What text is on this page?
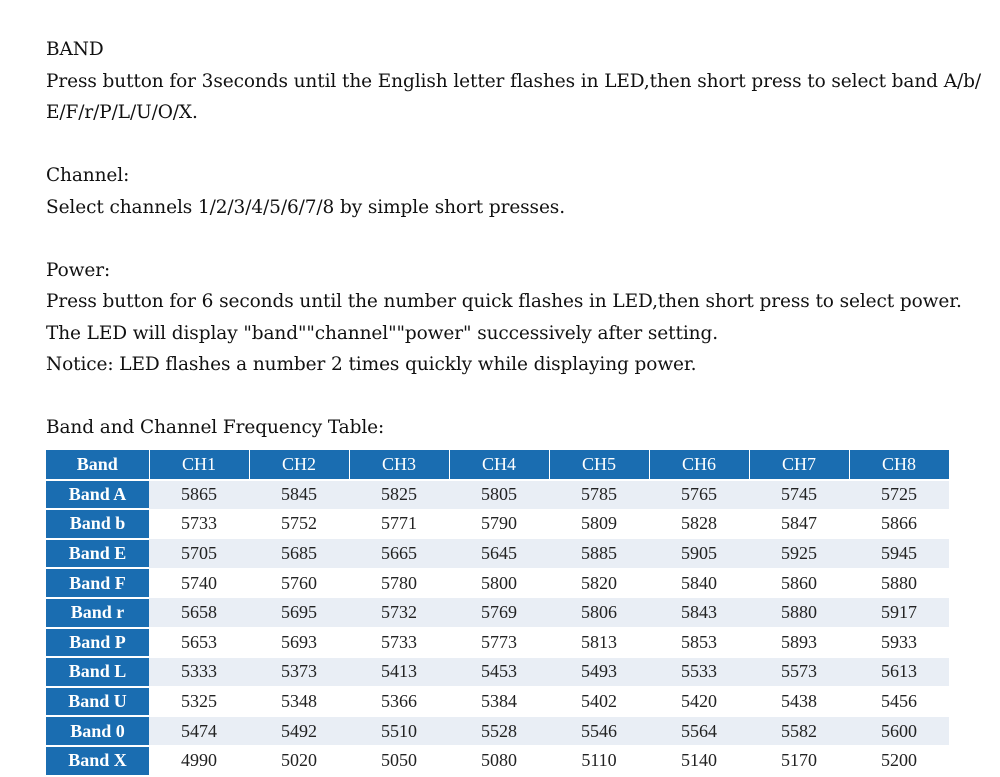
BAND
Press button for 3seconds until the English letter flashes in LED,then short press to select band A/b/
E/F/r/P/L/U/O/X.
Channel:
Select channels 1/2/3/4/5/6/7/8 by simple short presses.
Power:
Press button for 6 seconds until the number quick flashes in LED,then short press to select power.
The LED will display "band""channel""power" successively after setting.
Notice: LED flashes a number 2 times quickly while displaying power.
Band and Channel Frequency Table:
Band	CH1	CH2	CH3	CH4	CH5	CH6	CH7	CH8
Band A	5865	5845	5825	5805	5785	5765	5745	5725
Band b	5733	5752	5771	5790	5809	5828	5847	5866
Band E	5705	5685	5665	5645	5885	5905	5925	5945
Band F	5740	5760	5780	5800	5820	5840	5860	5880
Band r	5658	5695	5732	5769	5806	5843	5880	5917
Band P	5653	5693	5733	5773	5813	5853	5893	5933
Band L	5333	5373	5413	5453	5493	5533	5573	5613
Band U	5325	5348	5366	5384	5402	5420	5438	5456
Band 0	5474	5492	5510	5528	5546	5564	5582	5600
Band X	4990	5020	5050	5080	5110	5140	5170	5200
